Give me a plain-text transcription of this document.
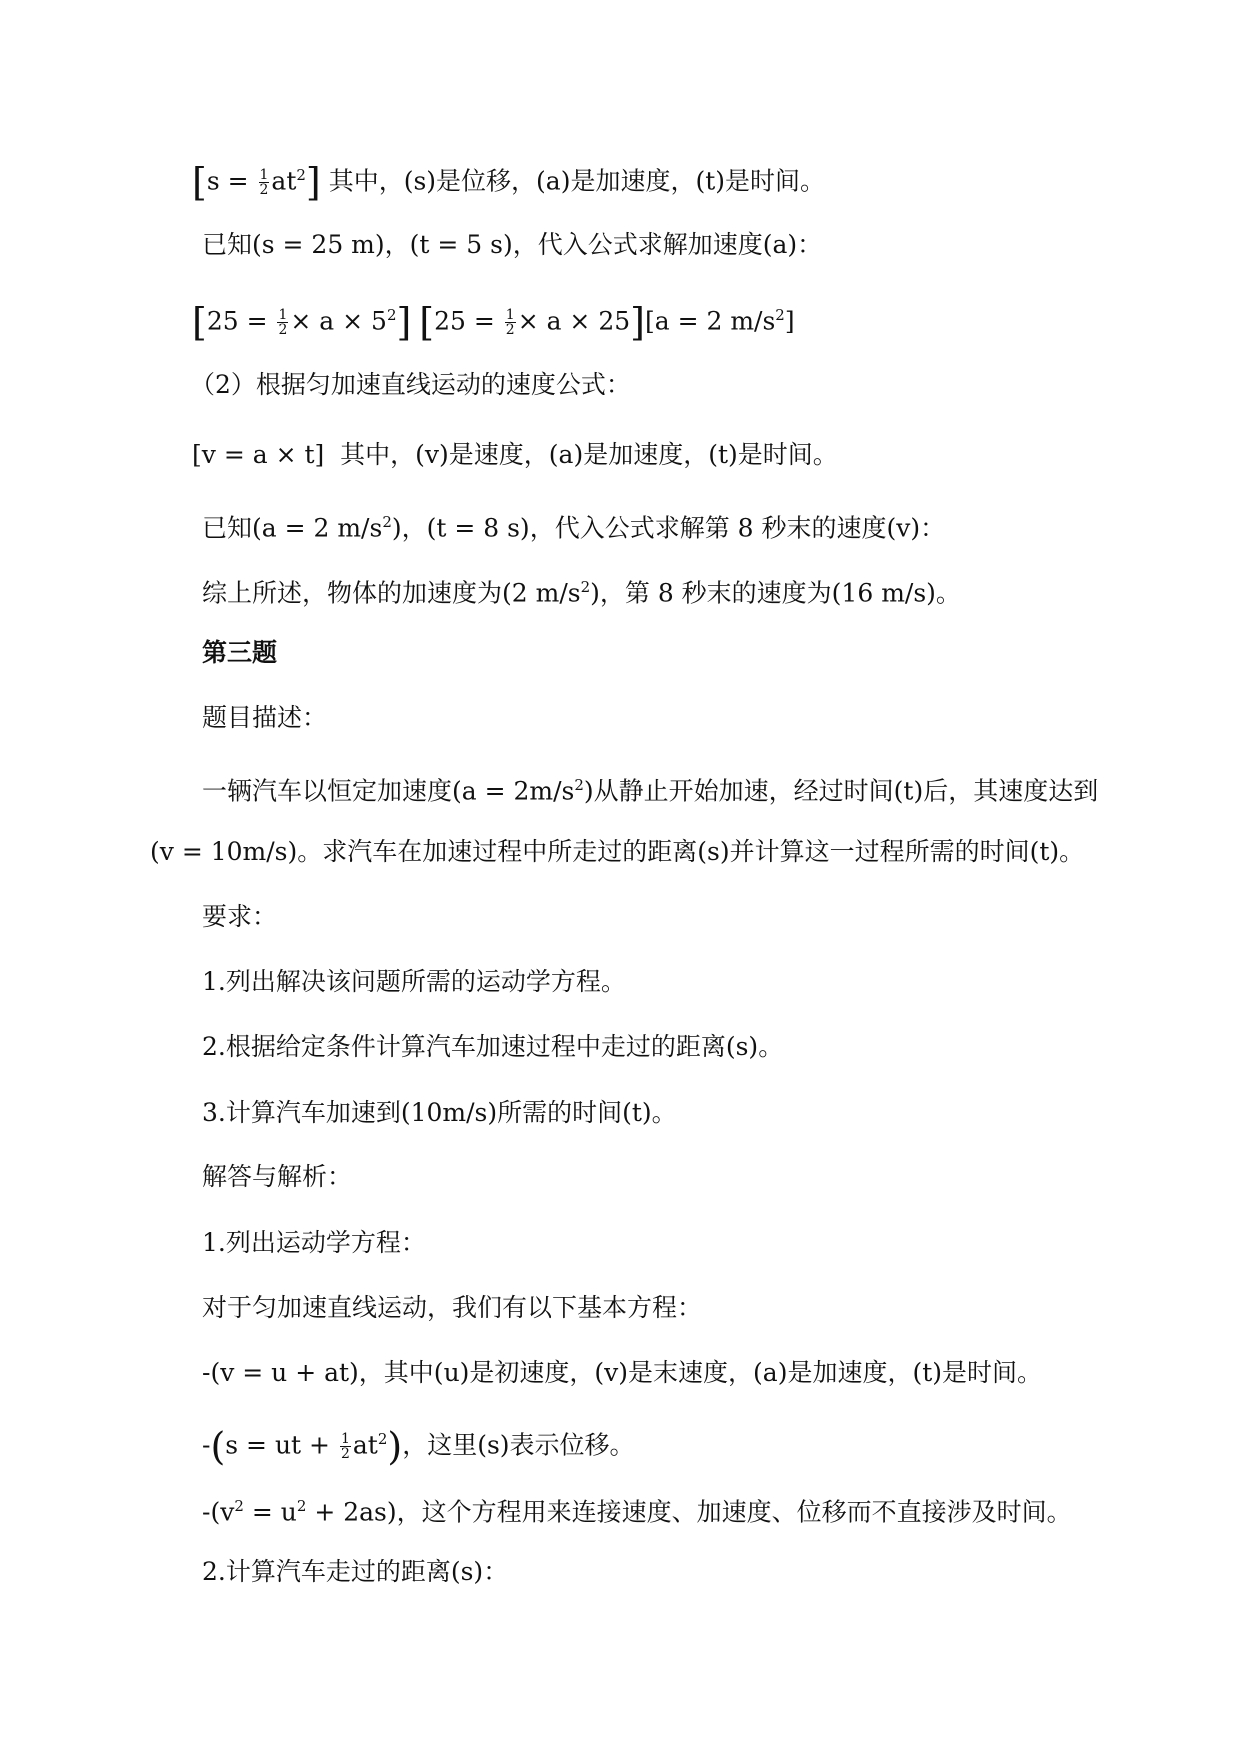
$[s = \frac{1}{2} at^2]$ 其中，(s)是位移，(a)是加速度，(t)是时间。
已知(s = 25 m)，(t = 5 s)，代入公式求解加速度(a)：
$[25 = \frac{1}{2} \times a \times 5^2]$ $[25 = \frac{1}{2} \times a \times 25][a = 2$ $m/s^2$]
（2）根据匀加速直线运动的速度公式：
[v = a × t] 其中，(v)是速度，(a)是加速度，(t)是时间。
已知(a = 2 $m/s^2$)，(t = 8 s)，代入公式求解第 8 秒末的速度(v)：
综上所述，物体的加速度为(2 $m/s^2$)，第 8 秒末的速度为(16 m/s)。
第三题
题目描述：
一辆汽车以恒定加速度$(a = 2m/s^2)$从静止开始加速，经过时间(t)后，其速度达到
(v = 10m/s)。求汽车在加速过程中所走过的距离(s)并计算这一过程所需的时间(t)。
要求：
1.列出解决该问题所需的运动学方程。
2.根据给定条件计算汽车加速过程中走过的距离(s)。
3.计算汽车加速到(10m/s)所需的时间(t)。
解答与解析：
1.列出运动学方程：
对于匀加速直线运动，我们有以下基本方程：
-(v = u + at)，其中(u)是初速度，(v)是末速度，(a)是加速度，(t)是时间。
-(s = ut + $\frac{1}{2} at^2$)，这里(s)表示位移。
$-(v^2 = u^2 + 2as)$，这个方程用来连接速度、加速度、位移而不直接涉及时间。
2.计算汽车走过的距离(s)：
